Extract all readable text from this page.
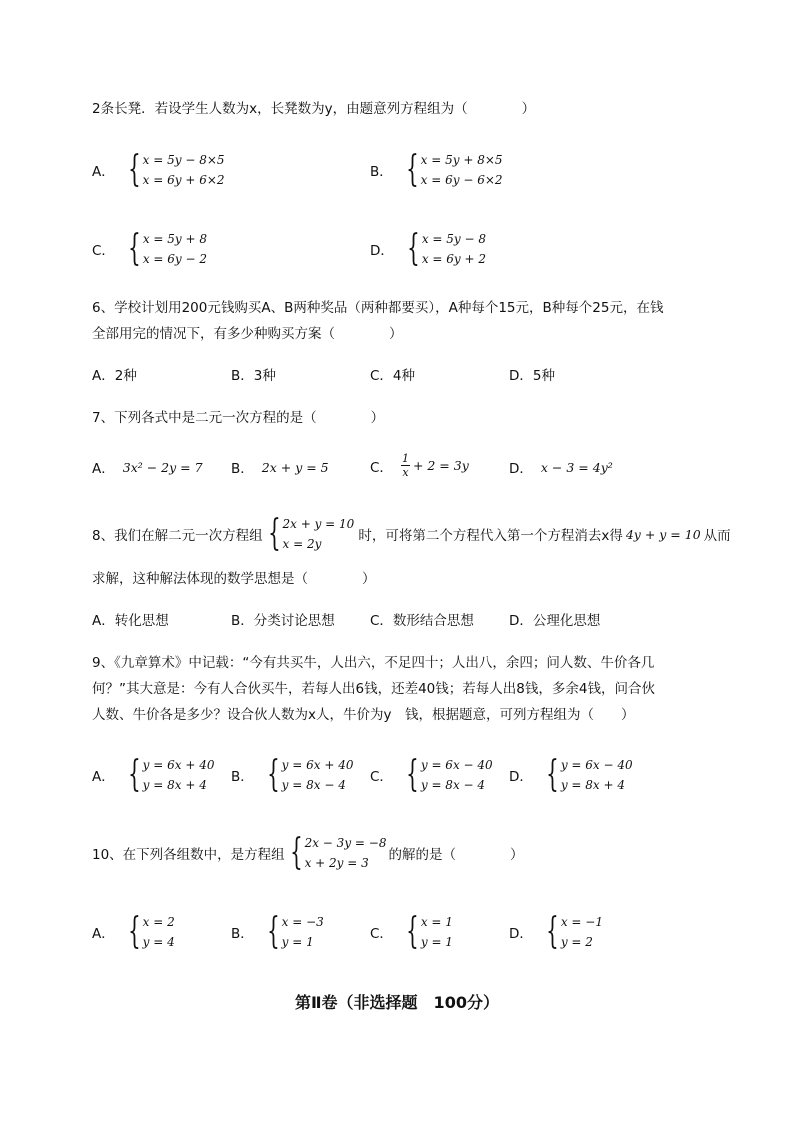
2条长凳．若设学生人数为x，长凳数为y，由题意列方程组为（　　　　）
A． { x = 5y − 8×5
x = 6y + 6×2	B． { x = 5y + 8×5
x = 6y − 6×2
C． { x = 5y + 8
x = 6y − 2	D． { x = 5y − 8
x = 6y + 2
6、学校计划用200元钱购买A、B两种奖品（两种都要买），A种每个15元，B种每个25元，在钱
全部用完的情况下，有多少种购买方案（　　　　）
A．2种	B．3种	C．4种	D．5种
7、下列各式中是二元一次方程的是（　　　　）
A． 3x² − 2y = 7 B． 2x + y = 5	C． $\frac{1}{x} + 2 = 3y$	D． x − 3 = 4y²
8、我们在解二元一次方程组 { 2x + y = 10
x = 2y	时，可将第二个方程代入第一个方程消去x得 4y + y = 10 从而
求解，这种解法体现的数学思想是（　　　　）
A．转化思想	B．分类讨论思想	C．数形结合思想	D．公理化思想
9、《九章算术》中记载：“今有共买牛，人出六，不足四十；人出八，余四；问人数、牛价各几
何？”其大意是：今有人合伙买牛，若每人出6钱，还差40钱；若每人出8钱，多余4钱，问合伙
人数、牛价各是多少？设合伙人数为x人，牛价为y　钱，根据题意，可列方程组为（　　）
A． { y = 6x + 40
y = 8x + 4	B． { y = 6x + 40
y = 8x − 4	C． { y = 6x − 40
y = 8x − 4	D． { y = 6x − 40
y = 8x + 4
10、在下列各组数中，是方程组 { 2x − 3y = −8
x + 2y = 3	的解的是（　　　　）
A． { x = 2
y = 4	B． { x = −3
y = 1	C． { x = 1
y = 1	D． { x = −1
y = 2
第Ⅱ卷（非选择题　100分）
